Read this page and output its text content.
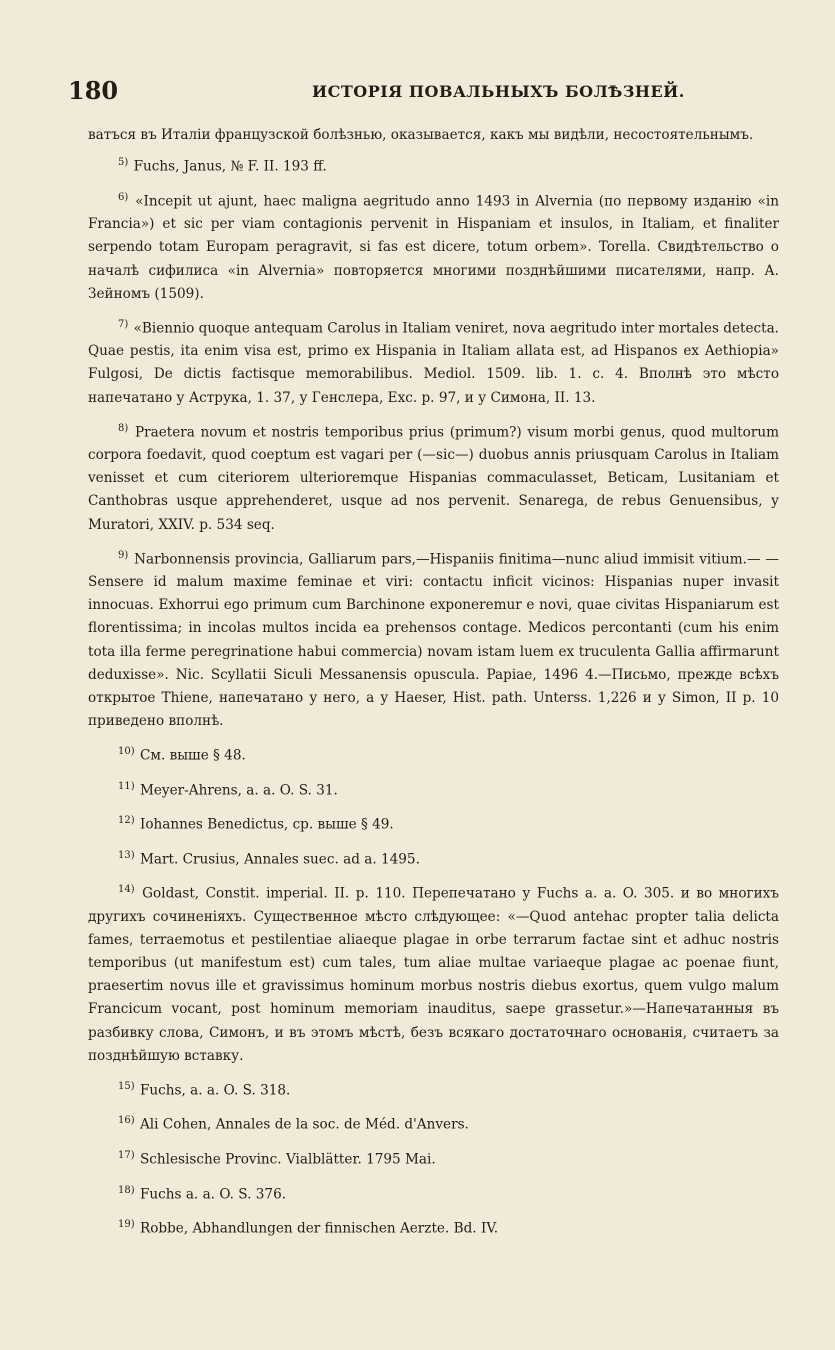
180	ИСТОРІЯ ПОВАЛЬНЫХЪ БОЛѢЗНЕЙ.

ватъся въ Италіи французской болѣзнью, оказывается, какъ мы видѣли, несостоятельнымъ.

$^{5)}$ Fuchs, Janus, № F. II. 193 ff.

$^{6)}$ «Incepit ut ajunt, haec maligna aegritudo anno 1493 in Alvernia (по первому изданію «in Francia») et sic per viam contagionis pervenit in Hispaniam et insulos, in Italiam, et finaliter serpendo totam Europam peragravit, si fas est dicere, totum orbem». Torella. Свидѣтельство о началѣ сифилиса «in Alvernia» повторяется многими позднѣйшими писателями, напр. А. Зейномъ (1509).

$^{7)}$ «Biennio quoque antequam Carolus in Italiam veniret, nova aegritudo inter mortales detecta. Quae pestis, ita enim visa est, primo ex Hispania in Italiam allata est, ad Hispanos ex Aethiopia» Fulgosi, De dictis factisque memorabilibus. Mediol. 1509. lib. 1. c. 4. Вполнѣ это мѣсто напечатано у Аструка, 1. 37, у Генслера, Exc. p. 97, и у Симона, II. 13.

$^{8)}$ Praetera novum et nostris temporibus prius (primum?) visum morbi genus, quod multorum corpora foedavit, quod coeptum est vagari per (—sic—) duobus annis priusquam Carolus in Italiam venisset et cum citeriorem ulterioremque Hispanias commaculasset, Beticam, Lusitaniam et Canthobras usque apprehenderet, usque ad nos pervenit. Senarega, de rebus Genuensibus, у Muratori, XXIV. p. 534 seq.

$^{9)}$ Narbonnensis provincia, Galliarum pars,—Hispaniis finitima—nunc aliud immisit vitium.— — Sensere id malum maxime feminae et viri: contactu inficit vicinos: Hispanias nuper invasit innocuas. Exhorrui ego primum cum Barchinone exponeremur e novi, quae civitas Hispaniarum est florentissima; in incolas multos incida ea prehensos contage. Medicos percontanti (cum his enim tota illa ferme peregrinatione habui commercia) novam istam luem ex truculenta Gallia affirmarunt deduxisse». Nic. Scyllatii Siculi Messanensis opuscula. Papiae, 1496 4.—Письмо, прежде всѣхъ открытое Thiene, напечатано у него, а у Haeser, Hist. path. Unterss. 1,226 и у Simon, II p. 10 приведено вполнѣ.

$^{10)}$ См. выше § 48.

$^{11)}$ Meyer-Ahrens, a. a. O. S. 31.

$^{12)}$ Iohannes Benedictus, ср. выше § 49.

$^{13)}$ Mart. Crusius, Annales suec. ad a. 1495.

$^{14)}$ Goldast, Constit. imperial. II. p. 110. Перепечатано у Fuchs a. a. O. 305. и во многихъ другихъ сочиненіяхъ. Существенное мѣсто слѣдующее: «—Quod antehac propter talia delicta fames, terraemotus et pestilentiae aliaeque plagae in orbe terrarum factae sint et adhuc nostris temporibus (ut manifestum est) cum tales, tum aliae multae variaeque plagae ac poenae fiunt, praesertim novus ille et gravissimus hominum morbus nostris diebus exortus, quem vulgo malum Francicum vocant, post hominum memoriam inauditus, saepe grassetur.»—Напечатанныя въ разбивку слова, Симонъ, и въ этомъ мѣстѣ, безъ всякаго достаточнаго основанія, считаетъ за позднѣйшую вставку.

$^{15)}$ Fuchs, a. a. O. S. 318.

$^{16)}$ Ali Cohen, Annales de la soc. de Méd. d'Anvers.

$^{17)}$ Schlesische Provinc. Vialblätter. 1795 Mai.

$^{18)}$ Fuchs a. a. O. S. 376.

$^{19)}$ Robbe, Abhandlungen der finnischen Aerzte. Bd. IV.
